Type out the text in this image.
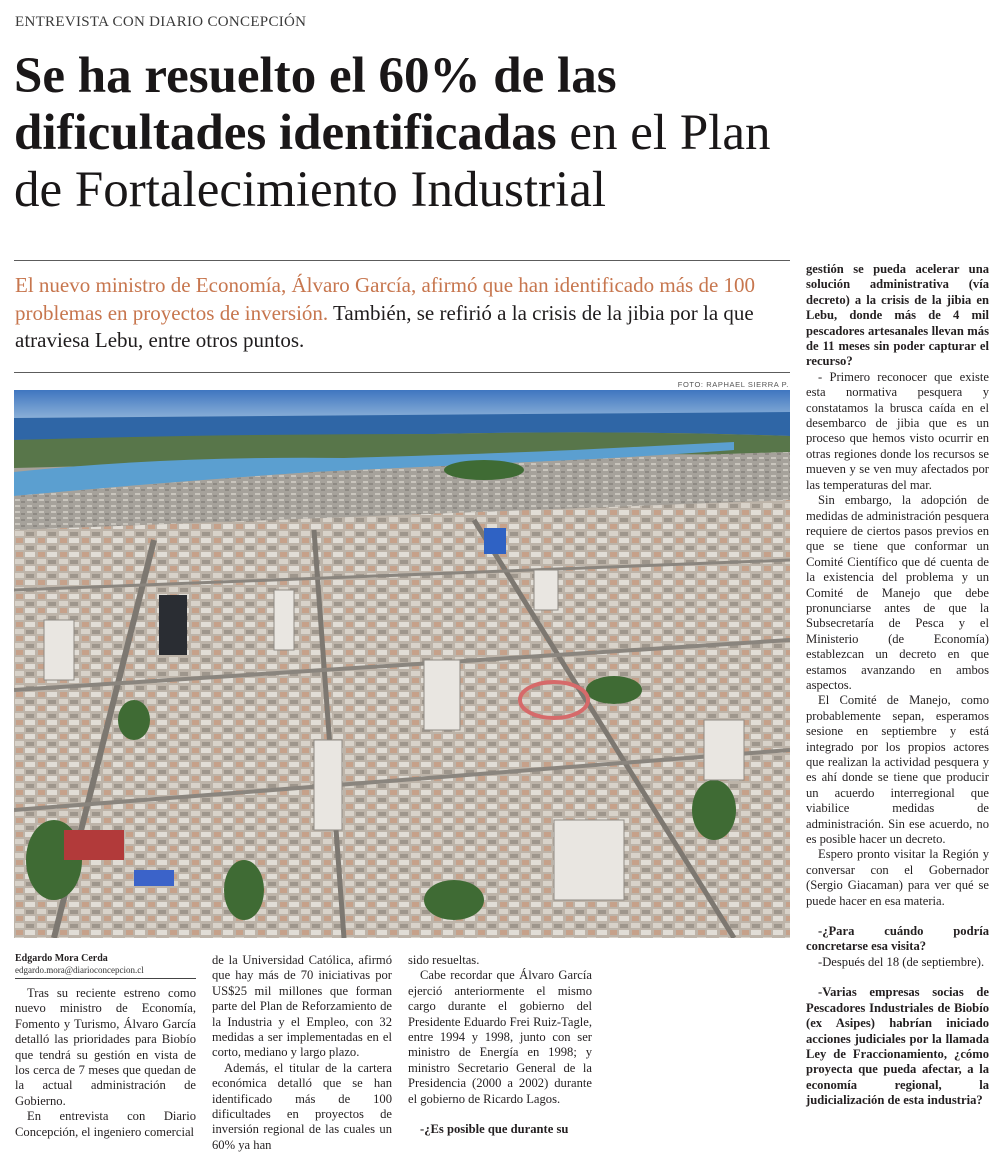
ENTREVISTA CON DIARIO CONCEPCIÓN
Se ha resuelto el 60% de las
dificultades identificadas en el Plan
de Fortalecimiento Industrial
El nuevo ministro de Economía, Álvaro García, afirmó que han identificado más de 100 problemas en proyectos de inversión. También, se refirió a la crisis de la jibia por la que atraviesa Lebu, entre otros puntos.
FOTO: RAPHAEL SIERRA P.
Edgardo Mora Cerda
edgardo.mora@diarioconcepcion.cl

Tras su reciente estreno como nuevo ministro de Economía, Fomento y Turismo, Álvaro García detalló las prioridades para Biobío que tendrá su gestión en vista de los cerca de 7 meses que quedan de la actual administración de Gobierno.

En entrevista con Diario Concepción, el ingeniero comercial

de la Universidad Católica, afirmó que hay más de 70 iniciativas por US$25 mil millones que forman parte del Plan de Reforzamiento de la Industria y el Empleo, con 32 medidas a ser implementadas en el corto, mediano y largo plazo.

Además, el titular de la cartera económica detalló que se han identificado más de 100 dificultades en proyectos de inversión regional de las cuales un 60% ya han

sido resueltas.

Cabe recordar que Álvaro García ejerció anteriormente el mismo cargo durante el gobierno del Presidente Eduardo Frei Ruiz-Tagle, entre 1994 y 1998, junto con ser ministro de Energía en 1998; y ministro Secretario General de la Presidencia (2000 a 2002) durante el gobierno de Ricardo Lagos.

-¿Es posible que durante su

gestión se pueda acelerar una solución administrativa (vía decreto) a la crisis de la jibia en Lebu, donde más de 4 mil pescadores artesanales llevan más de 11 meses sin poder capturar el recurso?

- Primero reconocer que existe esta normativa pesquera y constatamos la brusca caída en el desembarco de jibia que es un proceso que hemos visto ocurrir en otras regiones donde los recursos se mueven y se ven muy afectados por las temperaturas del mar.

Sin embargo, la adopción de medidas de administración pesquera requiere de ciertos pasos previos en que se tiene que conformar un Comité Científico que dé cuenta de la existencia del problema y un Comité de Manejo que debe pronunciarse antes de que la Subsecretaría de Pesca y el Ministerio (de Economía) establezcan un decreto en que estamos avanzando en ambos aspectos.

El Comité de Manejo, como probablemente sepan, esperamos sesione en septiembre y está integrado por los propios actores que realizan la actividad pesquera y es ahí donde se tiene que producir un acuerdo interregional que viabilice medidas de administración. Sin ese acuerdo, no es posible hacer un decreto.

Espero pronto visitar la Región y conversar con el Gobernador (Sergio Giacaman) para ver qué se puede hacer en esa materia.

-¿Para cuándo podría concretarse esa visita?

-Después del 18 (de septiembre).

-Varias empresas socias de Pescadores Industriales de Biobío (ex Asipes) habrían iniciado acciones judiciales por la llamada Ley de Fraccionamiento, ¿cómo proyecta que pueda afectar, a la economía regional, la judicialización de esta industria?
